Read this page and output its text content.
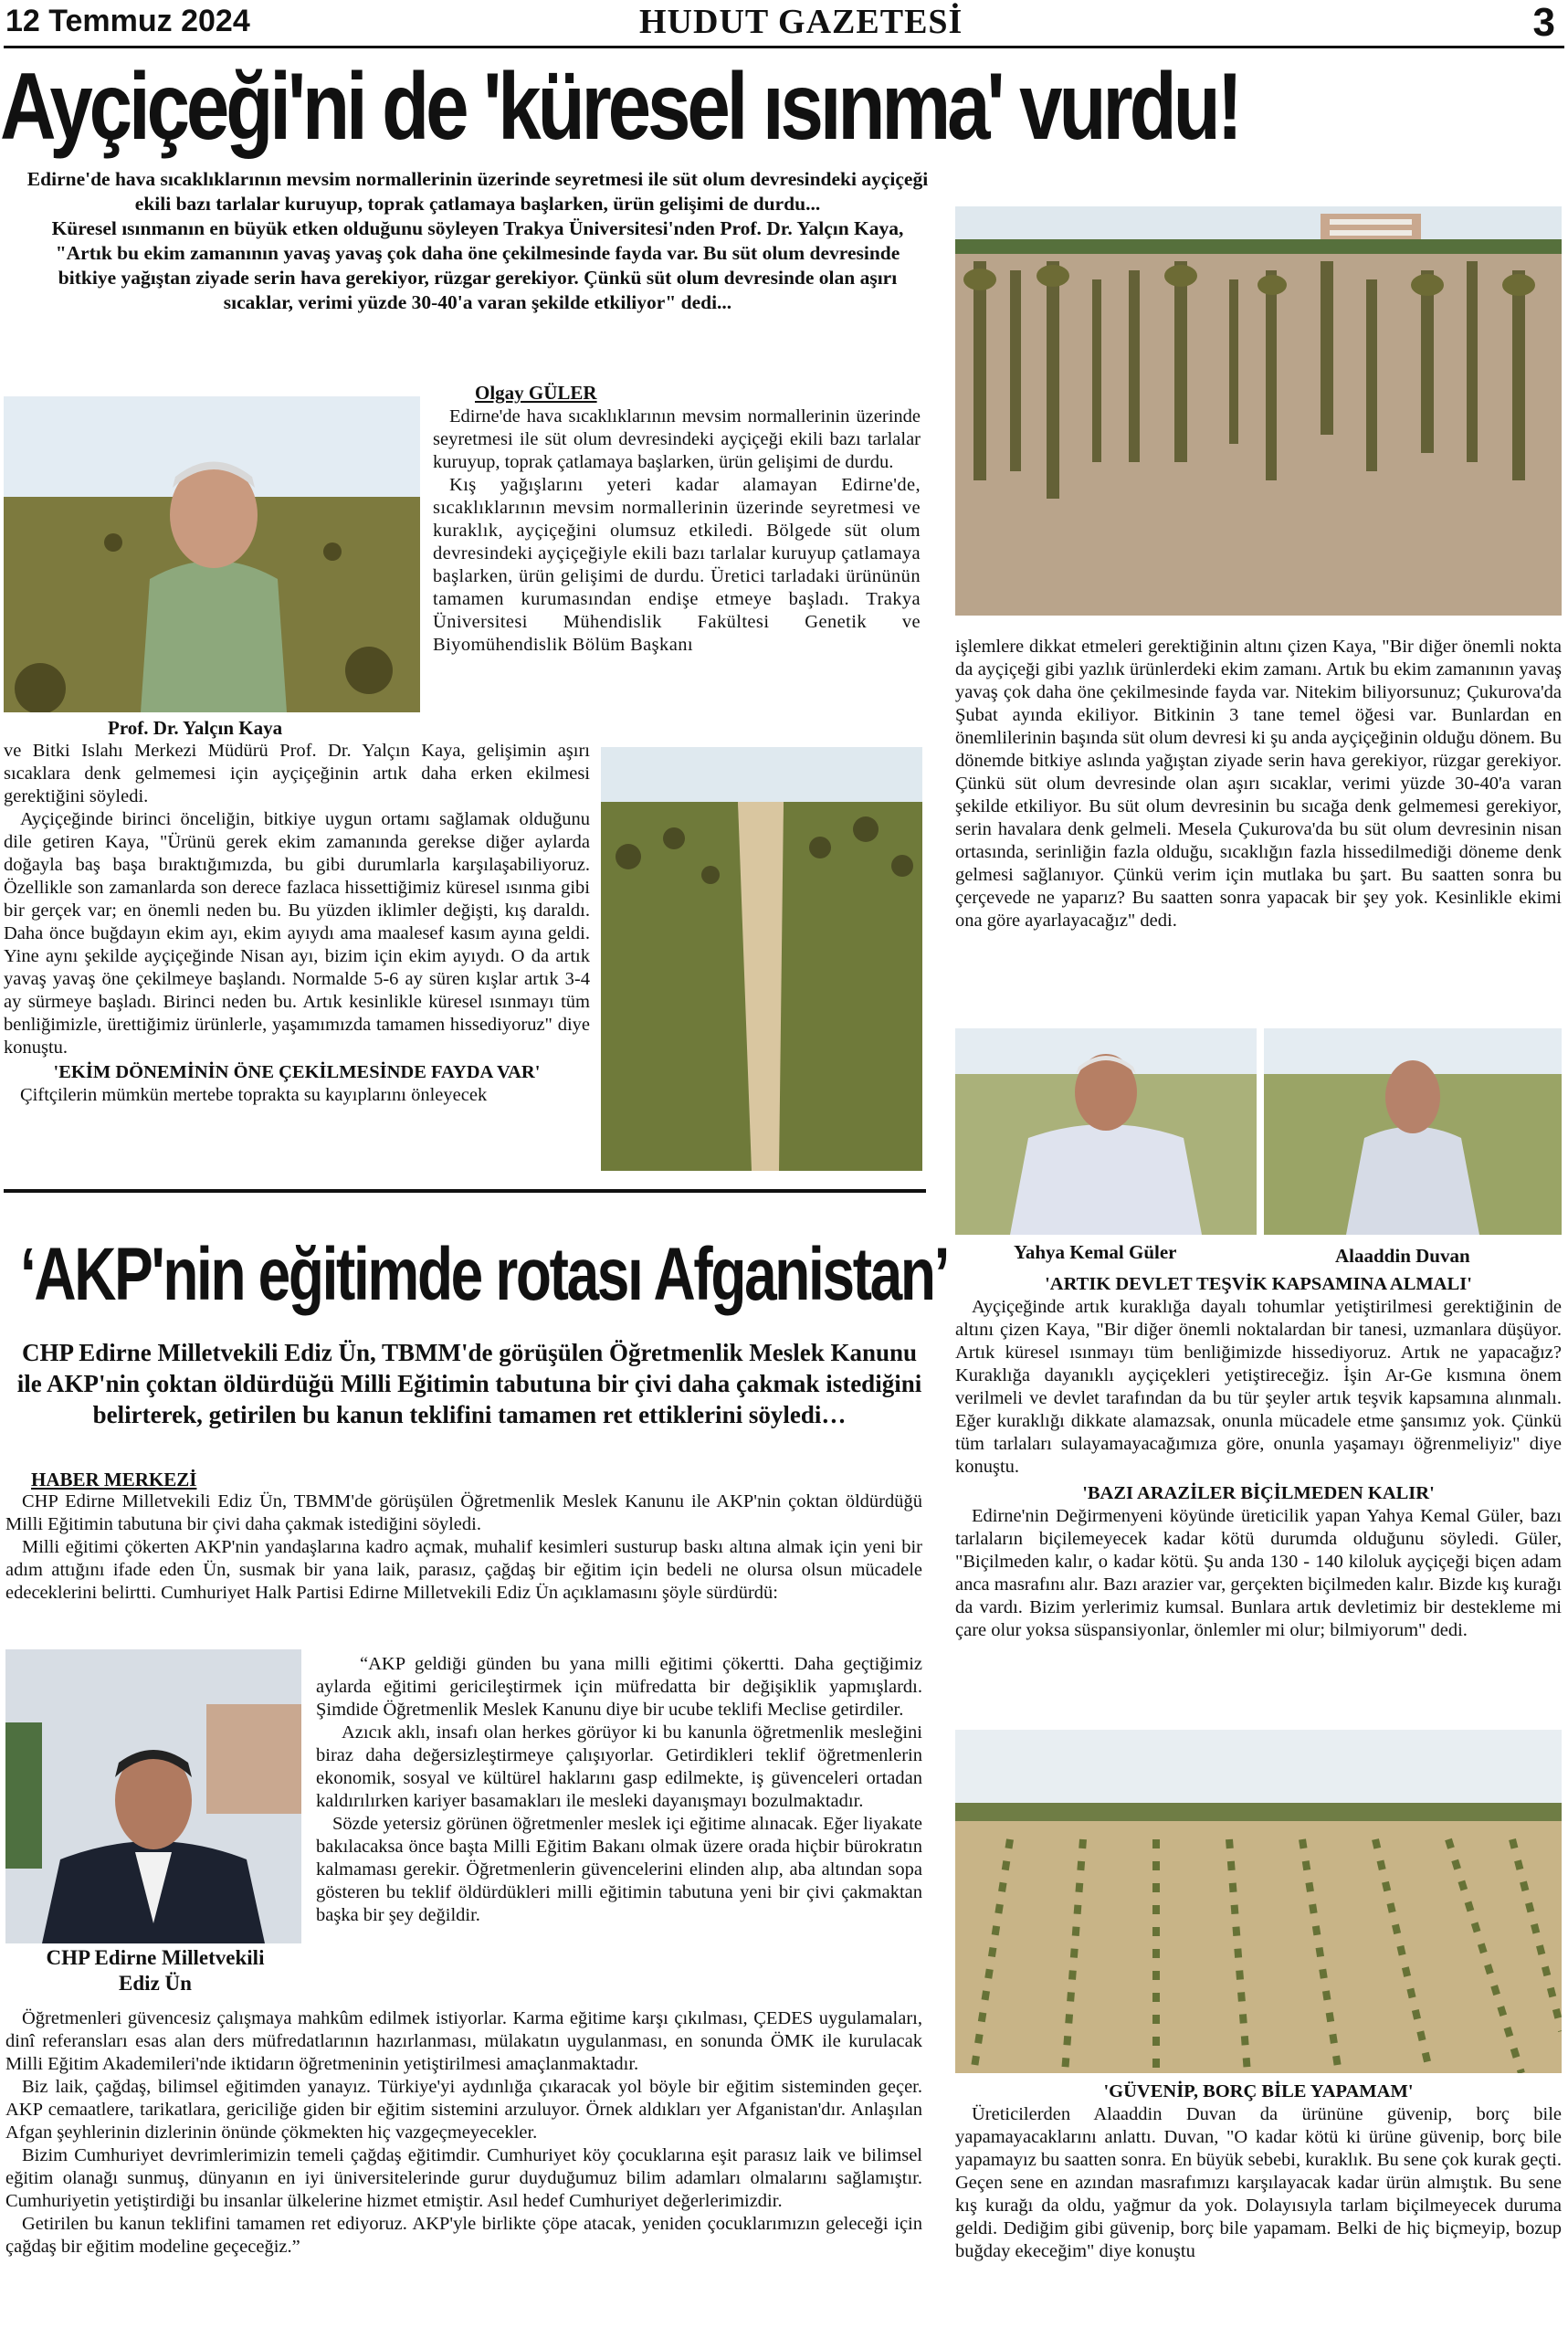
12 Temmuz 2024	HUDUT GAZETESİ	3
Ayçiçeği'ni de 'küresel ısınma' vurdu!

Edirne'de hava sıcaklıklarının mevsim normallerinin üzerinde seyretmesi ile süt olum devresindeki ayçiçeği ekili bazı tarlalar kuruyup, toprak çatlamaya başlarken, ürün gelişimi de durdu...

Küresel ısınmanın en büyük etken olduğunu söyleyen Trakya Üniversitesi'nden Prof. Dr. Yalçın Kaya, "Artık bu ekim zamanının yavaş yavaş çok daha öne çekilmesinde fayda var. Bu süt olum devresinde bitkiye yağıştan ziyade serin hava gerekiyor, rüzgar gerekiyor. Çünkü süt olum devresinde olan aşırı sıcaklar, verimi yüzde 30-40'a varan şekilde etkiliyor" dedi...

Prof. Dr. Yalçın Kaya
Olgay GÜLER

Edirne'de hava sıcaklıklarının mevsim normallerinin üzerinde seyretmesi ile süt olum devresindeki ayçiçeği ekili bazı tarlalar kuruyup, toprak çatlamaya başlarken, ürün gelişimi de durdu.

Kış yağışlarını yeteri kadar alamayan Edirne'de, sıcaklıklarının mevsim normallerinin üzerinde seyretmesi ve kuraklık, ayçiçeğini olumsuz etkiledi. Bölgede süt olum devresindeki ayçiçeğiyle ekili bazı tarlalar kuruyup çatlamaya başlarken, ürün gelişimi de durdu. Üretici tarladaki ürününün tamamen kurumasından endişe etmeye başladı. Trakya Üniversitesi Mühendislik Fakültesi Genetik ve Biyomühendislik Bölüm Başkanı

ve Bitki Islahı Merkezi Müdürü Prof. Dr. Yalçın Kaya, gelişimin aşırı sıcaklara denk gelmemesi için ayçiçeğinin artık daha erken ekilmesi gerektiğini söyledi.

Ayçiçeğinde birinci önceliğin, bitkiye uygun ortamı sağlamak olduğunu dile getiren Kaya, "Ürünü gerek ekim zamanında gerekse diğer aylarda doğayla baş başa bıraktığımızda, bu gibi durumlarla karşılaşabiliyoruz. Özellikle son zamanlarda son derece fazlaca hissettiğimiz küresel ısınma gibi bir gerçek var; en önemli neden bu. Bu yüzden iklimler değişti, kış daraldı. Daha önce buğdayın ekim ayı, ekim ayıydı ama maalesef kasım ayına geldi. Yine aynı şekilde ayçiçeğinde Nisan ayı, bizim için ekim ayıydı. O da artık yavaş yavaş öne çekilmeye başlandı. Normalde 5-6 ay süren kışlar artık 3-4 ay sürmeye başladı. Birinci neden bu. Artık kesinlikle küresel ısınmayı tüm benliğimizle, ürettiğimiz ürünlerle, yaşamımızda tamamen hissediyoruz" diye konuştu.

'EKİM DÖNEMİNİN ÖNE ÇEKİLMESİNDE FAYDA VAR'

Çiftçilerin mümkün mertebe toprakta su kayıplarını önleyecek

işlemlere dikkat etmeleri gerektiğinin altını çizen Kaya, "Bir diğer önemli nokta da ayçiçeği gibi yazlık ürünlerdeki ekim zamanı. Artık bu ekim zamanının yavaş yavaş çok daha öne çekilmesinde fayda var. Nitekim biliyorsunuz; Çukurova'da Şubat ayında ekiliyor. Bitkinin 3 tane temel öğesi var. Bunlardan en önemlilerinin başında süt olum devresi ki şu anda ayçiçeğinin olduğu dönem. Bu dönemde bitkiye aslında yağıştan ziyade serin hava gerekiyor, rüzgar gerekiyor. Çünkü süt olum devresinde olan aşırı sıcaklar, verimi yüzde 30-40'a varan şekilde etkiliyor. Bu süt olum devresinin bu sıcağa denk gelmemesi gerekiyor, serin havalara denk gelmeli. Mesela Çukurova'da bu süt olum devresinin nisan ortasında, serinliğin fazla olduğu, sıcaklığın fazla hissedilmediği döneme denk gelmesi sağlanıyor. Çünkü verim için mutlaka bu şart. Bu saatten sonra bu çerçevede ne yaparız? Bu saatten sonra yapacak bir şey yok. Kesinlikle ekimi ona göre ayarlayacağız" dedi.

Yahya Kemal Güler	Alaaddin Duvan
'ARTIK DEVLET TEŞVİK KAPSAMINA ALMALI'

Ayçiçeğinde artık kuraklığa dayalı tohumlar yetiştirilmesi gerektiğinin de altını çizen Kaya, "Bir diğer önemli noktalardan bir tanesi, uzmanlara düşüyor. Artık küresel ısınmayı tüm benliğimizde hissediyoruz. Artık ne yapacağız? Kuraklığa dayanıklı ayçiçekleri yetiştireceğiz. İşin Ar-Ge kısmına önem verilmeli ve devlet tarafından da bu tür şeyler artık teşvik kapsamına alınmalı. Eğer kuraklığı dikkate alamazsak, onunla mücadele etme şansımız yok. Çünkü tüm tarlaları sulayamayacağımıza göre, onunla yaşamayı öğrenmeliyiz" diye konuştu.

'BAZI ARAZİLER BİÇİLMEDEN KALIR'

Edirne'nin Değirmenyeni köyünde üreticilik yapan Yahya Kemal Güler, bazı tarlaların biçilemeyecek kadar kötü durumda olduğunu söyledi. Güler, "Biçilmeden kalır, o kadar kötü. Şu anda 130 - 140 kiloluk ayçiçeği biçen adam anca masrafını alır. Bazı arazier var, gerçekten biçilmeden kalır. Bizde kış kurağı da vardı. Bizim yerlerimiz kumsal. Bunlara artık devletimiz bir destekleme mi çare olur yoksa süspansiyonlar, önlemler mi olur; bilmiyorum" dedi.

'GÜVENİP, BORÇ BİLE YAPAMAM'

Üreticilerden Alaaddin Duvan da ürününe güvenip, borç bile yapamayacaklarını anlattı. Duvan, "O kadar kötü ki ürüne güvenip, borç bile yapamayız bu saatten sonra. En büyük sebebi, kuraklık. Bu sene çok kurak geçti. Geçen sene en azından masrafımızı karşılayacak kadar ürün almıştık. Bu sene kış kurağı da oldu, yağmur da yok. Dolayısıyla tarlam biçilmeyecek duruma geldi. Dediğim gibi güvenip, borç bile yapamam. Belki de hiç biçmeyip, bozup buğday ekeceğim" diye konuştu

‘AKP'nin eğitimde rotası Afganistan’
CHP Edirne Milletvekili Ediz Ün, TBMM'de görüşülen Öğretmenlik Meslek Kanunu ile AKP'nin çoktan öldürdüğü Milli Eğitimin tabutuna bir çivi daha çakmak istediğini belirterek, getirilen bu kanun teklifini tamamen ret ettiklerini söyledi…
HABER MERKEZİ

CHP Edirne Milletvekili Ediz Ün, TBMM'de görüşülen Öğretmenlik Meslek Kanunu ile AKP'nin çoktan öldürdüğü Milli Eğitimin tabutuna bir çivi daha çakmak istediğini söyledi.

Milli eğitimi çökerten AKP'nin yandaşlarına kadro açmak, muhalif kesimleri susturup baskı altına almak için yeni bir adım attığını ifade eden Ün, susmak bir yana laik, parasız, çağdaş bir eğitim için bedeli ne olursa olsun mücadele edeceklerini belirtti. Cumhuriyet Halk Partisi Edirne Milletvekili Ediz Ün açıklamasını şöyle sürdürdü:

CHP Edirne Milletvekili Ediz Ün

“AKP geldiği günden bu yana milli eğitimi çökertti. Daha geçtiğimiz aylarda eğitimi gericileştirmek için müfredatta bir değişiklik yapmışlardı. Şimdide Öğretmenlik Meslek Kanunu diye bir ucube teklifi Meclise getirdiler.

Azıcık aklı, insafı olan herkes görüyor ki bu kanunla öğretmenlik mesleğini biraz daha değersizleştirmeye çalışıyorlar. Getirdikleri teklif öğretmenlerin ekonomik, sosyal ve kültürel haklarını gasp edilmekte, iş güvenceleri ortadan kaldırılırken kariyer basamakları ile mesleki dayanışmayı bozulmaktadır.

Sözde yetersiz görünen öğretmenler meslek içi eğitime alınacak. Eğer liyakate bakılacaksa önce başta Milli Eğitim Bakanı olmak üzere orada hiçbir bürokratın kalmaması gerekir. Öğretmenlerin güvencelerini elinden alıp, aba altından sopa gösteren bu teklif öldürdükleri milli eğitimin tabutuna yeni bir çivi çakmaktan başka bir şey değildir.

Öğretmenleri güvencesiz çalışmaya mahkûm edilmek istiyorlar. Karma eğitime karşı çıkılması, ÇEDES uygulamaları, dinî referansları esas alan ders müfredatlarının hazırlanması, mülakatın uygulanması, en sonunda ÖMK ile kurulacak Milli Eğitim Akademileri'nde iktidarın öğretmeninin yetiştirilmesi amaçlanmaktadır.

Biz laik, çağdaş, bilimsel eğitimden yanayız. Türkiye'yi aydınlığa çıkaracak yol böyle bir eğitim sisteminden geçer. AKP cemaatlere, tarikatlara, gericiliğe giden bir eğitim sistemini arzuluyor. Örnek aldıkları yer Afganistan'dır. Anlaşılan Afgan şeyhlerinin dizlerinin önünde çökmekten hiç vazgeçmeyecekler.

Bizim Cumhuriyet devrimlerimizin temeli çağdaş eğitimdir. Cumhuriyet köy çocuklarına eşit parasız laik ve bilimsel eğitim olanağı sunmuş, dünyanın en iyi üniversitelerinde gurur duyduğumuz bilim adamları olmalarını sağlamıştır. Cumhuriyetin yetiştirdiği bu insanlar ülkelerine hizmet etmiştir. Asıl hedef Cumhuriyet değerlerimizdir.

Getirilen bu kanun teklifini tamamen ret ediyoruz. AKP'yle birlikte çöpe atacak, yeniden çocuklarımızın geleceği için çağdaş bir eğitim modeline geçeceğiz.”
